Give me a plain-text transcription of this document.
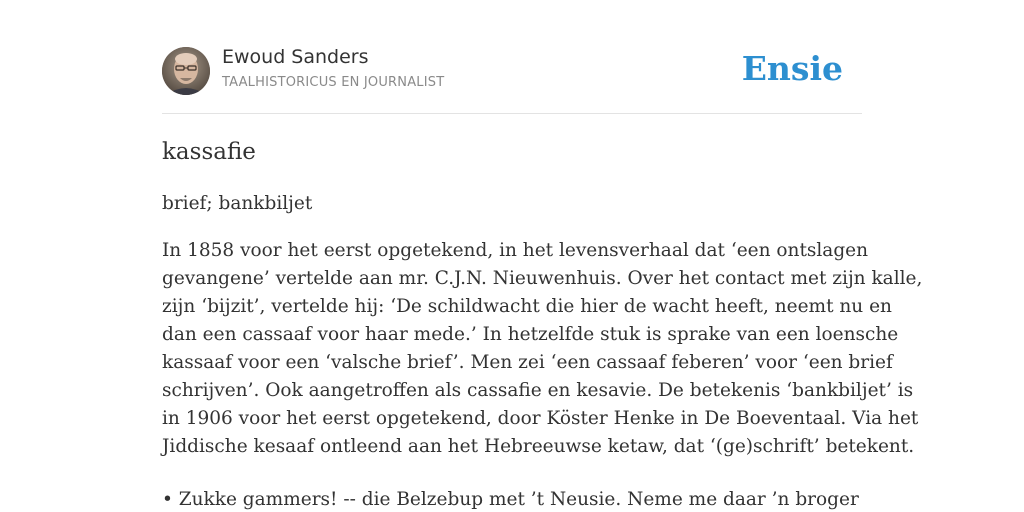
Ewoud Sanders
TAALHISTORICUS EN JOURNALIST	Ensie
kassafie
brief; bankbiljet
In 1858 voor het eerst opgetekend, in het levensverhaal dat ‘een ontslagen
gevangene’ vertelde aan mr. C.J.N. Nieuwenhuis. Over het contact met zijn kalle,
zijn ‘bijzit’, vertelde hij: ‘De schildwacht die hier de wacht heeft, neemt nu en
dan een cassaaf voor haar mede.’ In hetzelfde stuk is sprake van een loensche
kassaaf voor een ‘valsche brief’. Men zei ‘een cassaaf feberen’ voor ‘een brief
schrijven’. Ook aangetroffen als cassafie en kesavie. De betekenis ‘bankbiljet’ is
in 1906 voor het eerst opgetekend, door Köster Henke in De Boeventaal. Via het
Jiddische kesaaf ontleend aan het Hebreeuwse ketaw, dat ‘(ge)schrift’ betekent.
• Zukke gammers! -- die Belzebup met ’t Neusie. Neme me daar ’n broger
